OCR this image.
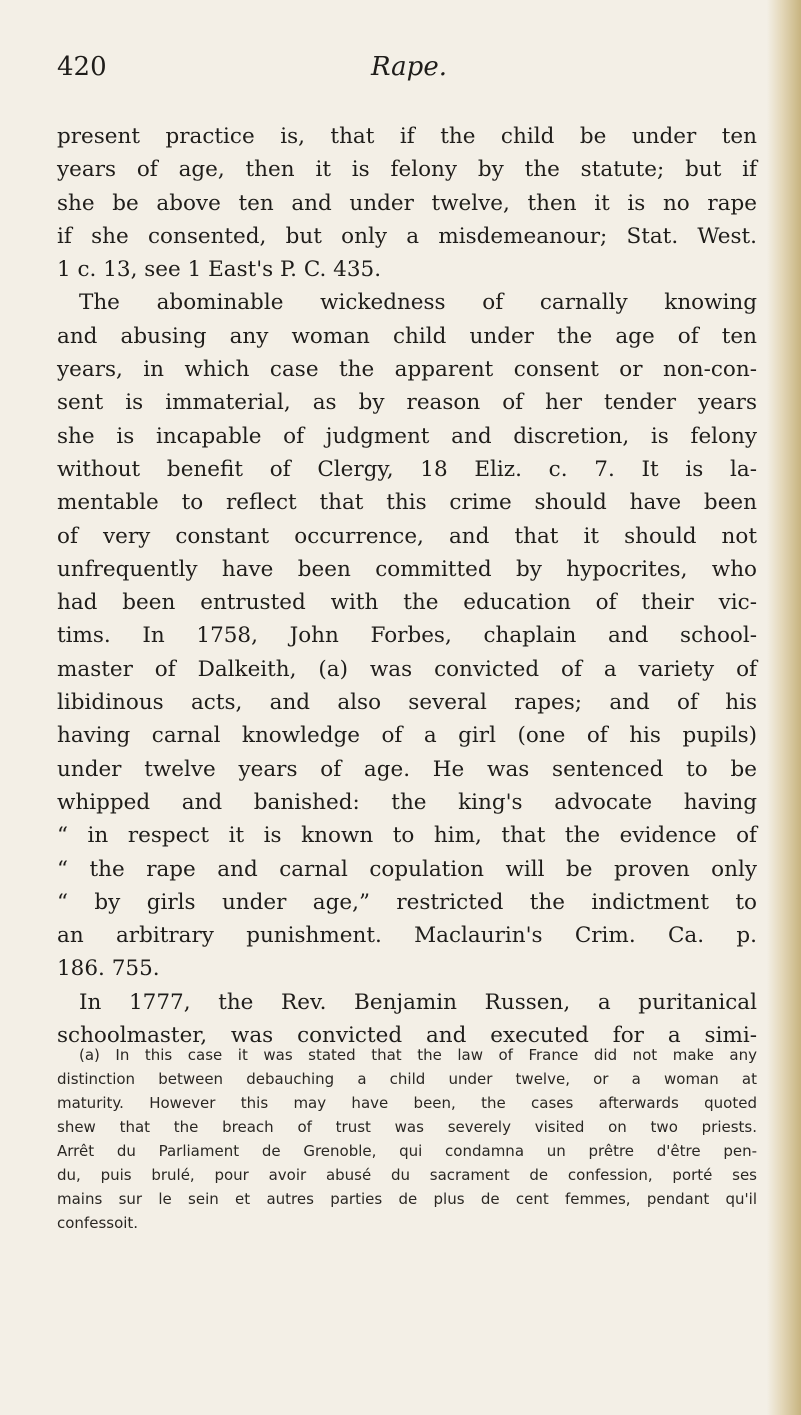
420	Rape.

present practice is, that if the child be under ten
years of age, then it is felony by the statute; but if
she be above ten and under twelve, then it is no rape
if she consented, but only a misdemeanour; Stat. West.
1 c. 13, see 1 East's P. C. 435.

The abominable wickedness of carnally knowing
and abusing any woman child under the age of ten
years, in which case the apparent consent or non-con-
sent is immaterial, as by reason of her tender years
she is incapable of judgment and discretion, is felony
without benefit of Clergy, 18 Eliz. c. 7. It is la-
mentable to reflect that this crime should have been
of very constant occurrence, and that it should not
unfrequently have been committed by hypocrites, who
had been entrusted with the education of their vic-
tims. In 1758, John Forbes, chaplain and school-
master of Dalkeith, (a) was convicted of a variety of
libidinous acts, and also several rapes; and of his
having carnal knowledge of a girl (one of his pupils)
under twelve years of age. He was sentenced to be
whipped and banished: the king's advocate having
“ in respect it is known to him, that the evidence of
“ the rape and carnal copulation will be proven only
“ by girls under age,” restricted the indictment to
an arbitrary punishment. Maclaurin's Crim. Ca. p.
186. 755.

In 1777, the Rev. Benjamin Russen, a puritanical
schoolmaster, was convicted and executed for a simi-

(a) In this case it was stated that the law of France did not make any
distinction between debauching a child under twelve, or a woman at
maturity. However this may have been, the cases afterwards quoted
shew that the breach of trust was severely visited on two priests.
Arrêt du Parliament de Grenoble, qui condamna un prêtre d'être pen-
du, puis brulé, pour avoir abusé du sacrament de confession, porté ses
mains sur le sein et autres parties de plus de cent femmes, pendant qu'il
confessoit.
